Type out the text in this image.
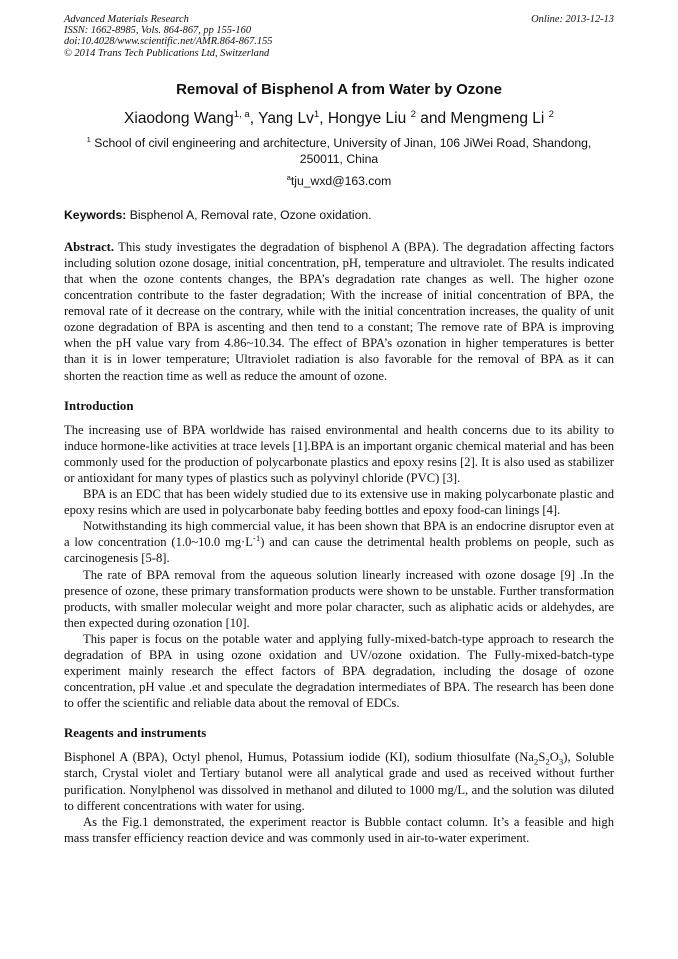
Advanced Materials Research
ISSN: 1662-8985, Vols. 864-867, pp 155-160
doi:10.4028/www.scientific.net/AMR.864-867.155
© 2014 Trans Tech Publications Ltd, Switzerland
Online: 2013-12-13
Removal of Bisphenol A from Water by Ozone
Xiaodong Wang$^{1, a}$, Yang Lv$^1$, Hongye Liu $^2$ and Mengmeng Li $^2$
$^1$ School of civil engineering and architecture, University of Jinan, 106 JiWei Road, Shandong, 250011, China
$^a$tju_wxd@163.com
Keywords: Bisphenol A, Removal rate, Ozone oxidation.

Abstract. This study investigates the degradation of bisphenol A (BPA). The degradation affecting factors including solution ozone dosage, initial concentration, pH, temperature and ultraviolet. The results indicated that when the ozone contents changes, the BPA’s degradation rate changes as well. The higher ozone concentration contribute to the faster degradation; With the increase of initial concentration of BPA, the removal rate of it decrease on the contrary, while with the initial concentration increases, the quality of unit ozone degradation of BPA is ascenting and then tend to a constant; The remove rate of BPA is improving when the pH value vary from 4.86~10.34. The effect of BPA’s ozonation in higher temperatures is better than it is in lower temperature; Ultraviolet radiation is also favorable for the removal of BPA as it can shorten the reaction time as well as reduce the amount of ozone.

Introduction

The increasing use of BPA worldwide has raised environmental and health concerns due to its ability to induce hormone-like activities at trace levels [1].BPA is an important organic chemical material and has been commonly used for the production of polycarbonate plastics and epoxy resins [2]. It is also used as stabilizer or antioxidant for many types of plastics such as polyvinyl chloride (PVC) [3].

BPA is an EDC that has been widely studied due to its extensive use in making polycarbonate plastic and epoxy resins which are used in polycarbonate baby feeding bottles and epoxy food-can linings [4].

Notwithstanding its high commercial value, it has been shown that BPA is an endocrine disruptor even at a low concentration (1.0~10.0 $mg\cdot L^{-1}$) and can cause the detrimental health problems on people, such as carcinogenesis [5-8].

The rate of BPA removal from the aqueous solution linearly increased with ozone dosage [9] .In the presence of ozone, these primary transformation products were shown to be unstable. Further transformation products, with smaller molecular weight and more polar character, such as aliphatic acids or aldehydes, are then expected during ozonation [10].

This paper is focus on the potable water and applying fully-mixed-batch-type approach to research the degradation of BPA in using ozone oxidation and UV/ozone oxidation. The Fully-mixed-batch-type experiment mainly research the effect factors of BPA degradation, including the dosage of ozone concentration, pH value .et and speculate the degradation intermediates of BPA. The research has been done to offer the scientific and reliable data about the removal of EDCs.

Reagents and instruments

Bisphonel A (BPA), Octyl phenol, Humus, Potassium iodide (KI), sodium thiosulfate $(Na_2S_2O_3)$, Soluble starch, Crystal violet and Tertiary butanol were all analytical grade and used as received without further purification. Nonylphenol was dissolved in methanol and diluted to 1000 mg/L, and the solution was diluted to different concentrations with water for using.

As the Fig.1 demonstrated, the experiment reactor is Bubble contact column. It’s a feasible and high mass transfer efficiency reaction device and was commonly used in air-to-water experiment.
